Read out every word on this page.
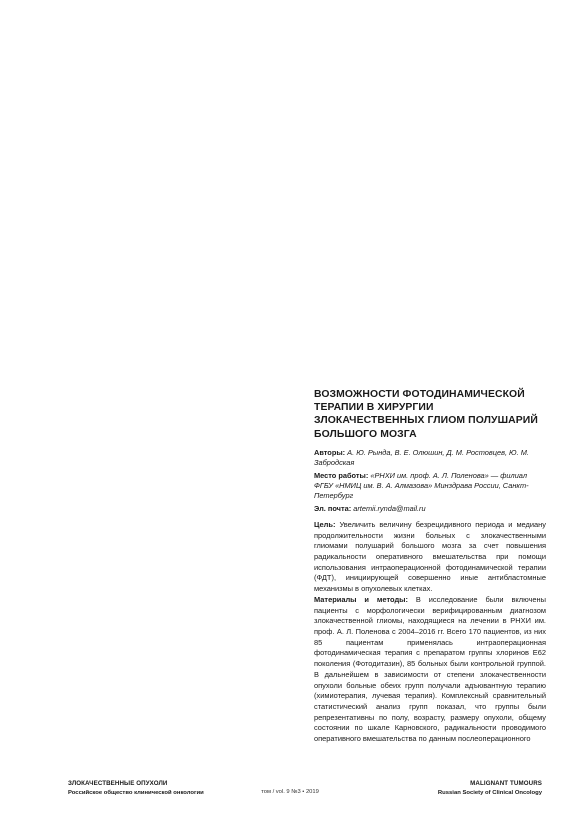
ВОЗМОЖНОСТИ ФОТОДИНАМИЧЕСКОЙ ТЕРАПИИ В ХИРУРГИИ ЗЛОКАЧЕСТВЕННЫХ ГЛИОМ ПОЛУШАРИЙ БОЛЬШОГО МОЗГА

Авторы: А. Ю. Рында, В. Е. Олюшин, Д. М. Ростовцев, Ю. М. Забродская

Место работы: «РНХИ им. проф. А. Л. Поленова» — филиал ФГБУ «НМИЦ им. В. А. Алмазова» Минздрава России, Санкт-Петербург

Эл. почта: artemii.rynda@mail.ru

Цель: Увеличить величину безрецидивного периода и медиану продолжительности жизни больных с злокачественными глиомами полушарий большого мозга за счет повышения радикальности оперативного вмешательства при помощи использования интраоперационной фотодинамической терапии (ФДТ), инициирующей совершенно иные антибластомные механизмы в опухолевых клетках.
Материалы и методы: В исследование были включены пациенты с морфологически верифицированным диагнозом злокачественной глиомы, находящиеся на лечении в РНХИ им. проф. А. Л. Поленова с 2004–2016 гг. Всего 170 пациентов, из них 85 пациентам применялась интраоперационная фотодинамическая терапия с препаратом группы хлоринов Е62 поколения (Фотодитазин), 85 больных были контрольной группой. В дальнейшем в зависимости от степени злокачественности опухоли больные обеих групп получали адъювантную терапию (химиотерапия, лучевая терапия). Комплексный сравнительный статистический анализ групп показал, что группы были репрезентативны по полу, возрасту, размеру опухоли, общему состоянии по шкале Карновского, радикальности проводимого оперативного вмешательства по данным послеоперационного
ЗЛОКАЧЕСТВЕННЫЕ ОПУХОЛИ
Российское общество клинической онкологии	том / vol. 9 №3 • 2019
MALIGNANT TUMOURS
Russian Society of Clinical Oncology
